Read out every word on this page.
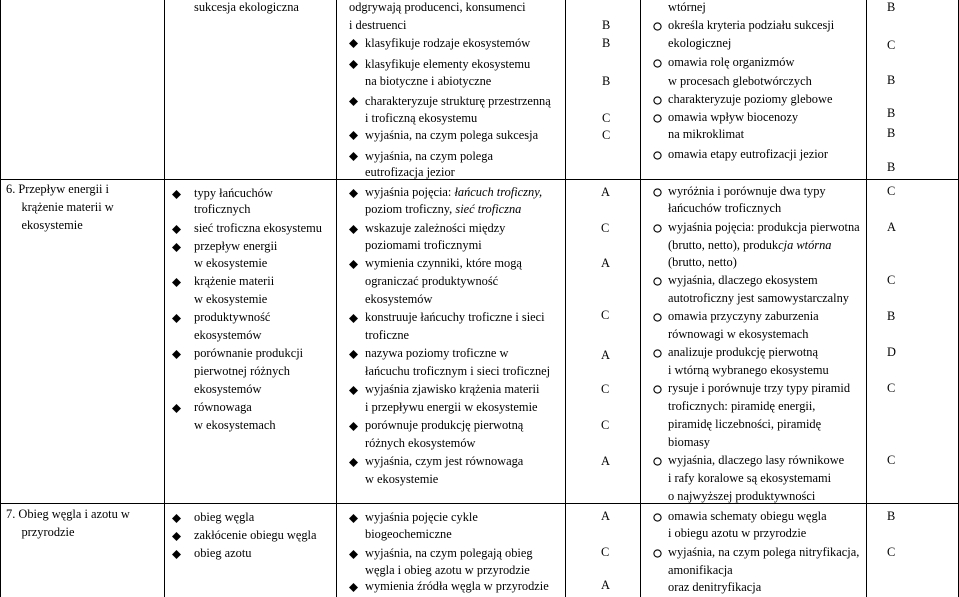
sukcesja ekologiczna	odgrywają producenci, konsumenci
i destruenci
klasyfikuje rodzaje ekosystemów
klasyfikuje elementy ekosystemu
na biotyczne i abiotyczne
charakteryzuje strukturę przestrzenną
i troficzną ekosystemu
wyjaśnia, na czym polega sukcesja
wyjaśnia, na czym polega
eutrofizacja jezior
B
B
B
C
C
wtórnej
określa kryteria podziału sukcesji
ekologicznej
omawia rolę organizmów
w procesach glebotwórczych
charakteryzuje poziomy glebowe
omawia wpływ biocenozy
na mikroklimat
omawia etapy eutrofizacji jezior
B
C
B
B
B
B
6. Przepływ energii i
krążenie materii w
ekosystemie
typy łańcuchów
troficznych
sieć troficzna ekosystemu
przepływ energii
w ekosystemie
krążenie materii
w ekosystemie
produktywność
ekosystemów
porównanie produkcji
pierwotnej różnych
ekosystemów
równowaga
w ekosystemach
wyjaśnia pojęcia: łańcuch troficzny,
poziom troficzny, sieć troficzna
wskazuje zależności między
poziomami troficznymi
wymienia czynniki, które mogą
ograniczać produktywność
ekosystemów
konstruuje łańcuchy troficzne i sieci
troficzne
nazywa poziomy troficzne w
łańcuchu troficznym i sieci troficznej
wyjaśnia zjawisko krążenia materii
i przepływu energii w ekosystemie
porównuje produkcję pierwotną
różnych ekosystemów
wyjaśnia, czym jest równowaga
w ekosystemie
A
C
A
C
A
C
C
A
wyróżnia i porównuje dwa typy
łańcuchów troficznych
wyjaśnia pojęcia: produkcja pierwotna
(brutto, netto), produkcja wtórna
(brutto, netto)
wyjaśnia, dlaczego ekosystem
autotroficzny jest samowystarczalny
omawia przyczyny zaburzenia
równowagi w ekosystemach
analizuje produkcję pierwotną
i wtórną wybranego ekosystemu
rysuje i porównuje trzy typy piramid
troficznych: piramidę energii,
piramidę liczebności, piramidę
biomasy
wyjaśnia, dlaczego lasy równikowe
i rafy koralowe są ekosystemami
o najwyższej produktywności
C
A
C
B
D
C
C
7. Obieg węgla i azotu w
przyrodzie
obieg węgla
zakłócenie obiegu węgla
obieg azotu
wyjaśnia pojęcie cykle
biogeochemiczne
wyjaśnia, na czym polegają obieg
węgla i obieg azotu w przyrodzie
wymienia źródła węgla w przyrodzie
A
C
A
omawia schematy obiegu węgla
i obiegu azotu w przyrodzie
wyjaśnia, na czym polega nitryfikacja,
amonifikacja
oraz denitryfikacja
B
C
